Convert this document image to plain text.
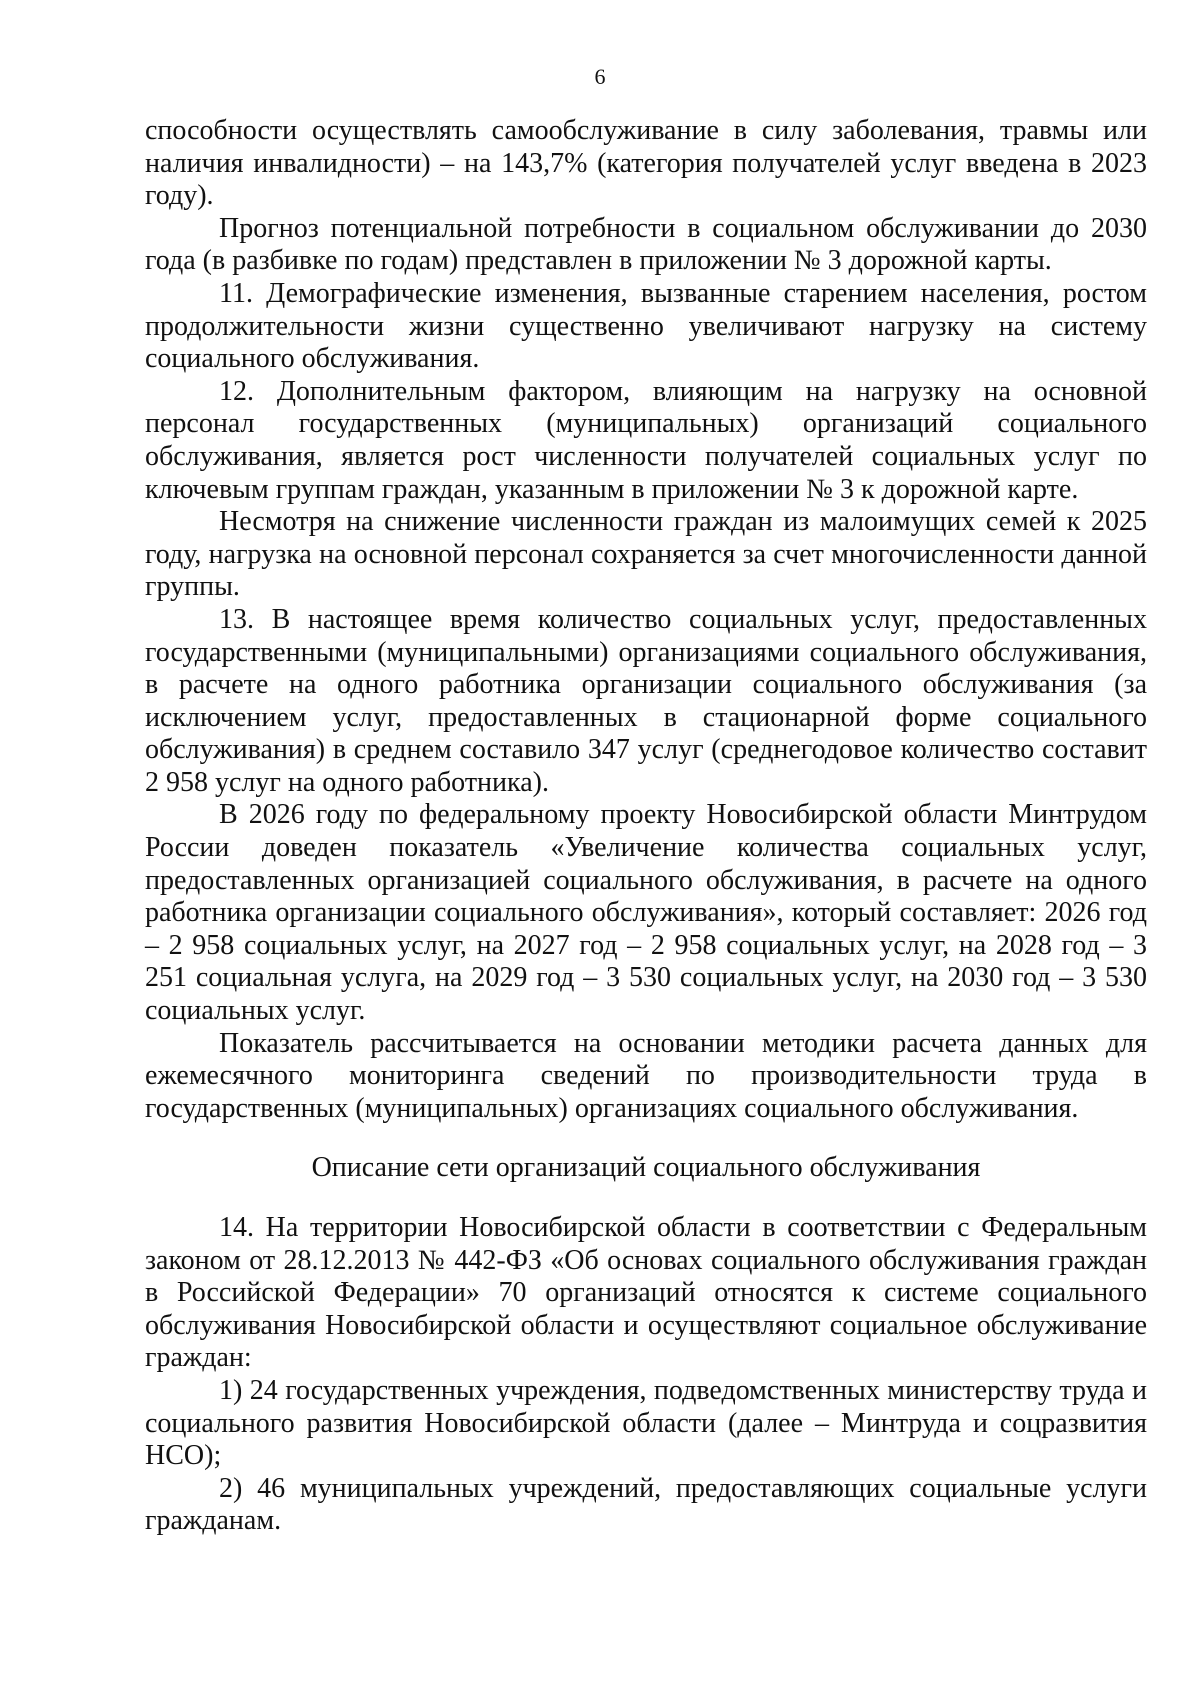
6

способности осуществлять самообслуживание в силу заболевания, травмы или наличия инвалидности) – на 143,7% (категория получателей услуг введена в 2023 году).

Прогноз потенциальной потребности в социальном обслуживании до 2030 года (в разбивке по годам) представлен в приложении № 3 дорожной карты.

11. Демографические изменения, вызванные старением населения, ростом продолжительности жизни существенно увеличивают нагрузку на систему социального обслуживания.

12. Дополнительным фактором, влияющим на нагрузку на основной персонал государственных (муниципальных) организаций социального обслуживания, является рост численности получателей социальных услуг по ключевым группам граждан, указанным в приложении № 3 к дорожной карте.

Несмотря на снижение численности граждан из малоимущих семей к 2025 году, нагрузка на основной персонал сохраняется за счет многочисленности данной группы.

13. В настоящее время количество социальных услуг, предоставленных государственными (муниципальными) организациями социального обслуживания, в расчете на одного работника организации социального обслуживания (за исключением услуг, предоставленных в стационарной форме социального обслуживания) в среднем составило 347 услуг (среднегодовое количество составит 2 958 услуг на одного работника).

В 2026 году по федеральному проекту Новосибирской области Минтрудом России доведен показатель «Увеличение количества социальных услуг, предоставленных организацией социального обслуживания, в расчете на одного работника организации социального обслуживания», который составляет: 2026 год – 2 958 социальных услуг, на 2027 год – 2 958 социальных услуг, на 2028 год – 3 251 социальная услуга, на 2029 год – 3 530 социальных услуг, на 2030 год – 3 530 социальных услуг.

Показатель рассчитывается на основании методики расчета данных для ежемесячного мониторинга сведений по производительности труда в государственных (муниципальных) организациях социального обслуживания.

Описание сети организаций социального обслуживания

14. На территории Новосибирской области в соответствии с Федеральным законом от 28.12.2013 № 442-ФЗ «Об основах социального обслуживания граждан в Российской Федерации» 70 организаций относятся к системе социального обслуживания Новосибирской области и осуществляют социальное обслуживание граждан:

1) 24 государственных учреждения, подведомственных министерству труда и социального развития Новосибирской области (далее – Минтруда и соцразвития НСО);

2) 46 муниципальных учреждений, предоставляющих социальные услуги гражданам.
